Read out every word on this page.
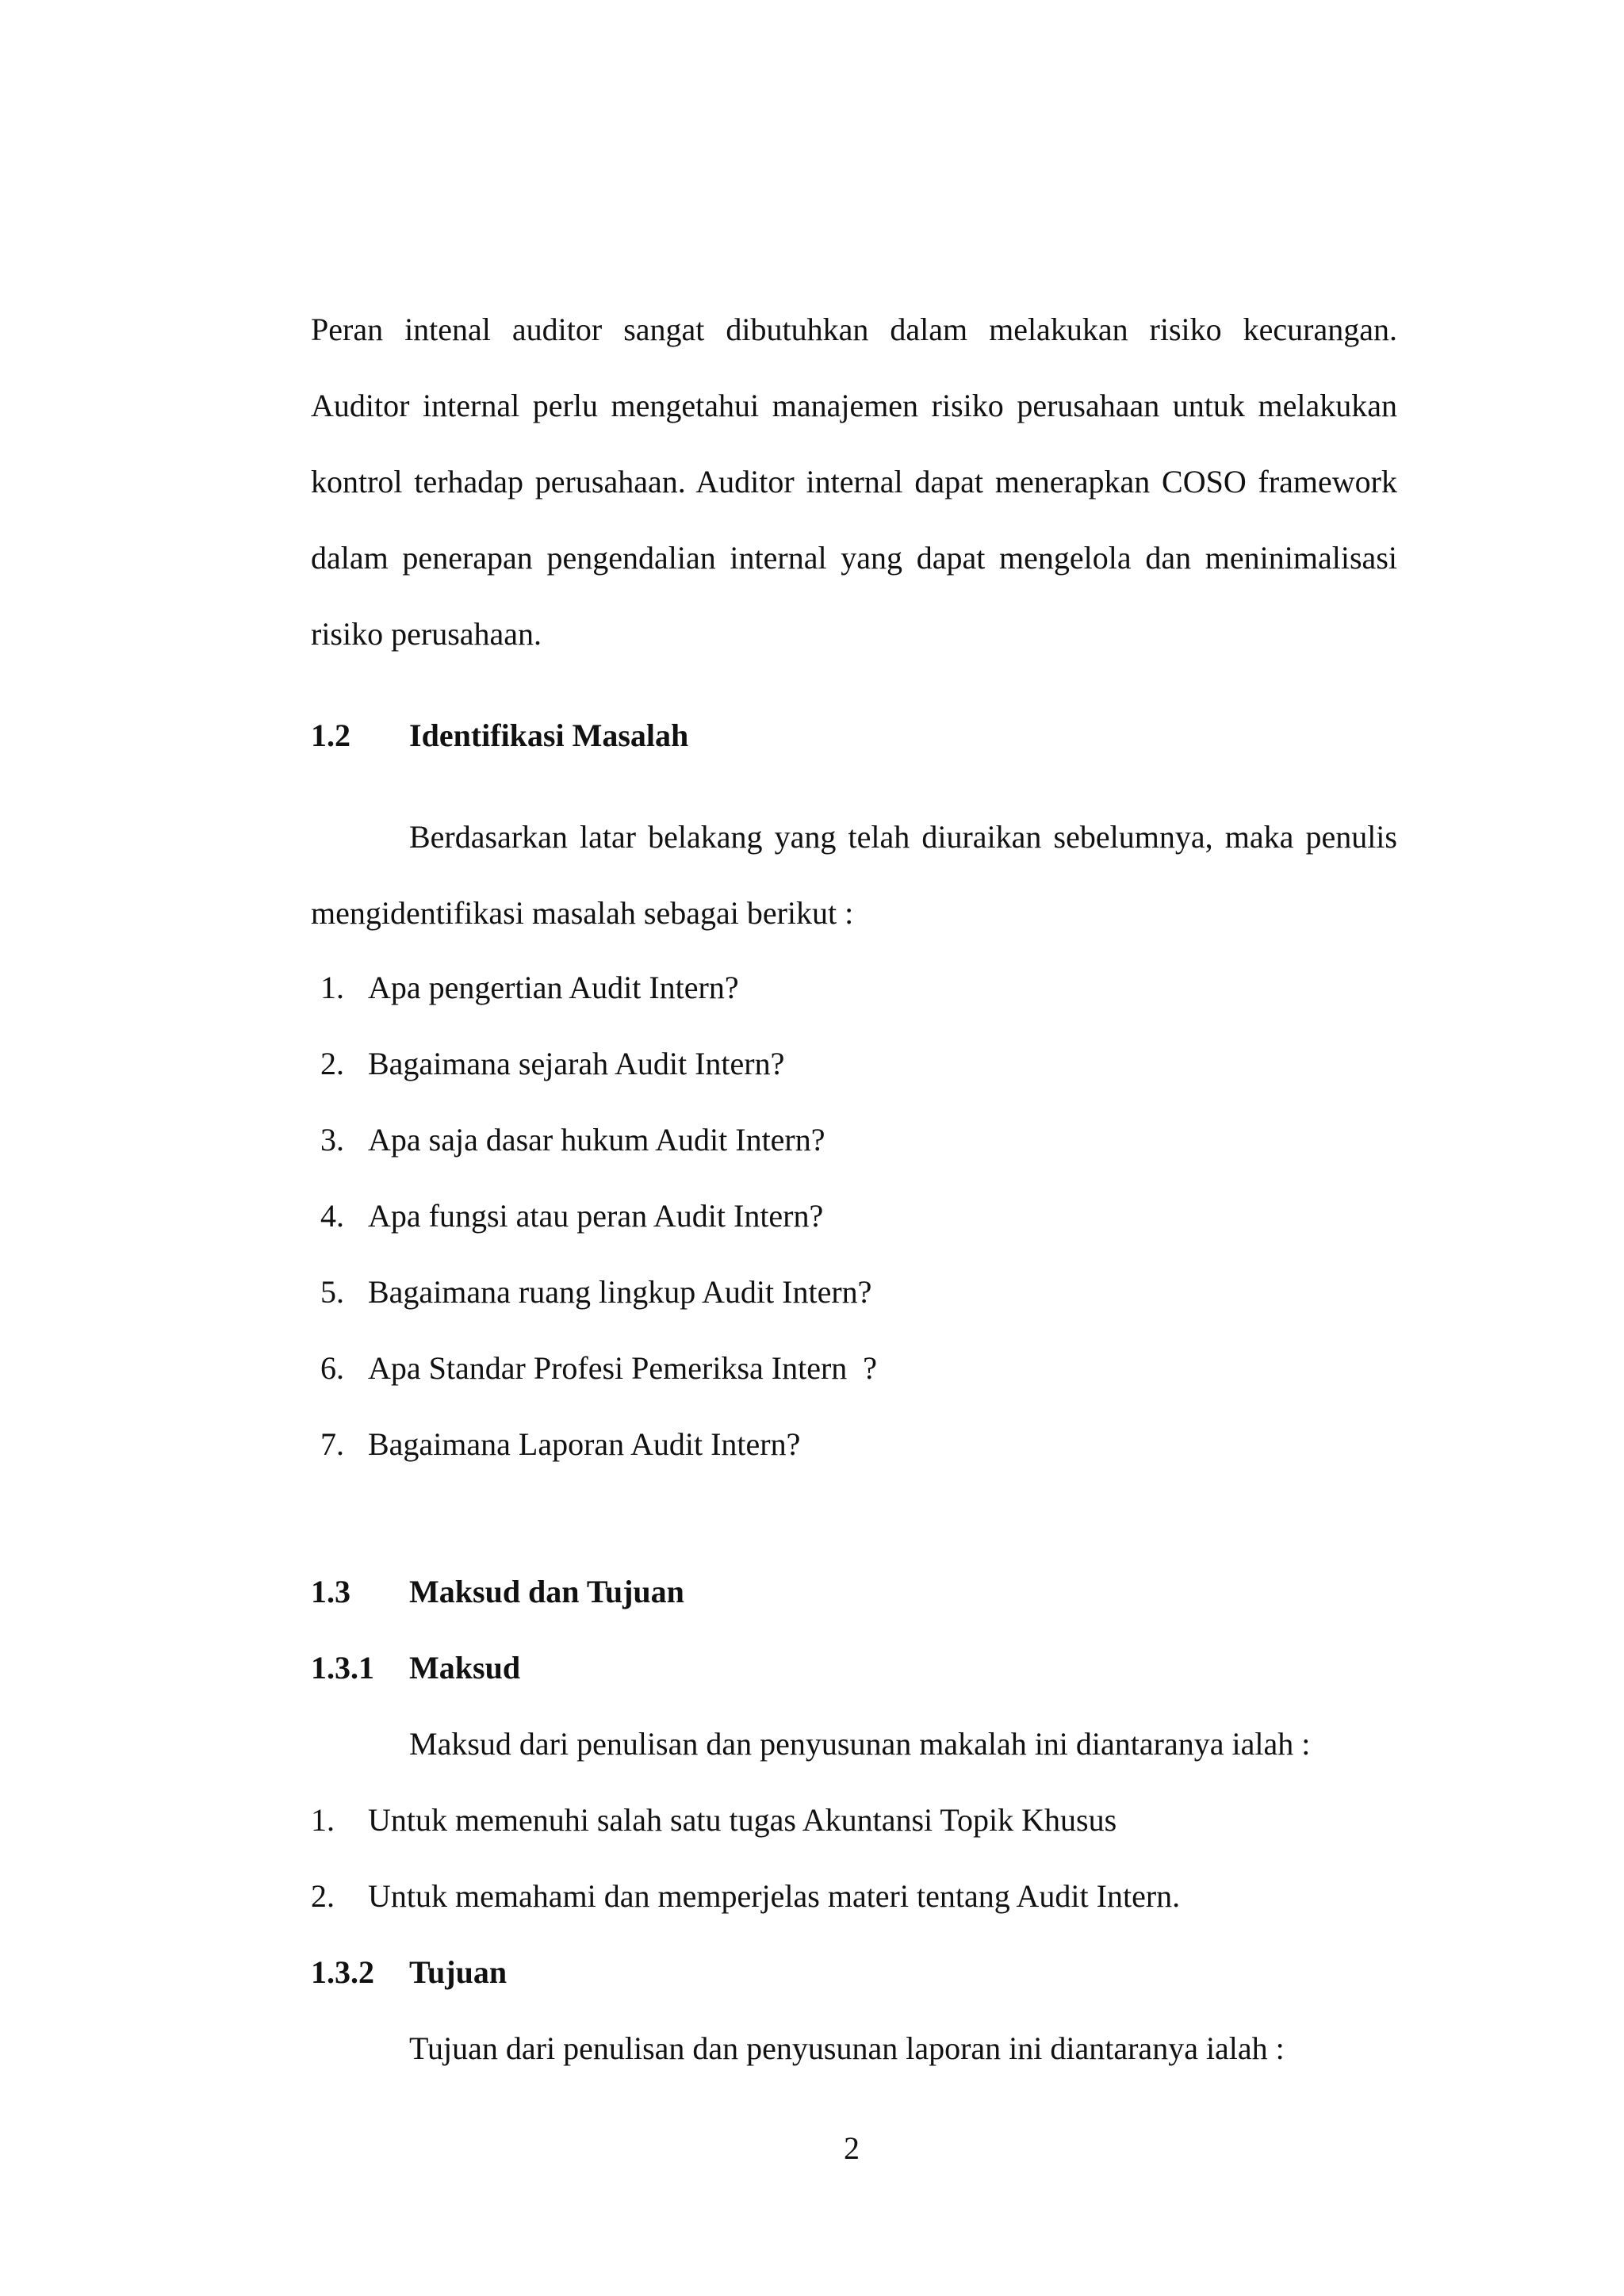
Peran intenal auditor sangat dibutuhkan dalam melakukan risiko kecurangan.
Auditor internal perlu mengetahui manajemen risiko perusahaan untuk melakukan
kontrol terhadap perusahaan. Auditor internal dapat menerapkan COSO framework
dalam penerapan pengendalian internal yang dapat mengelola dan meninimalisasi
risiko perusahaan.
1.2 Identifikasi Masalah
Berdasarkan latar belakang yang telah diuraikan sebelumnya, maka penulis
mengidentifikasi masalah sebagai berikut :
1. Apa pengertian Audit Intern?
2. Bagaimana sejarah Audit Intern?
3. Apa saja dasar hukum Audit Intern?
4. Apa fungsi atau peran Audit Intern?
5. Bagaimana ruang lingkup Audit Intern?
6. Apa Standar Profesi Pemeriksa Intern  ?
7. Bagaimana Laporan Audit Intern?
1.3 Maksud dan Tujuan
1.3.1 Maksud
Maksud dari penulisan dan penyusunan makalah ini diantaranya ialah :
1. Untuk memenuhi salah satu tugas Akuntansi Topik Khusus
2. Untuk memahami dan memperjelas materi tentang Audit Intern.
1.3.2 Tujuan
Tujuan dari penulisan dan penyusunan laporan ini diantaranya ialah :
2
